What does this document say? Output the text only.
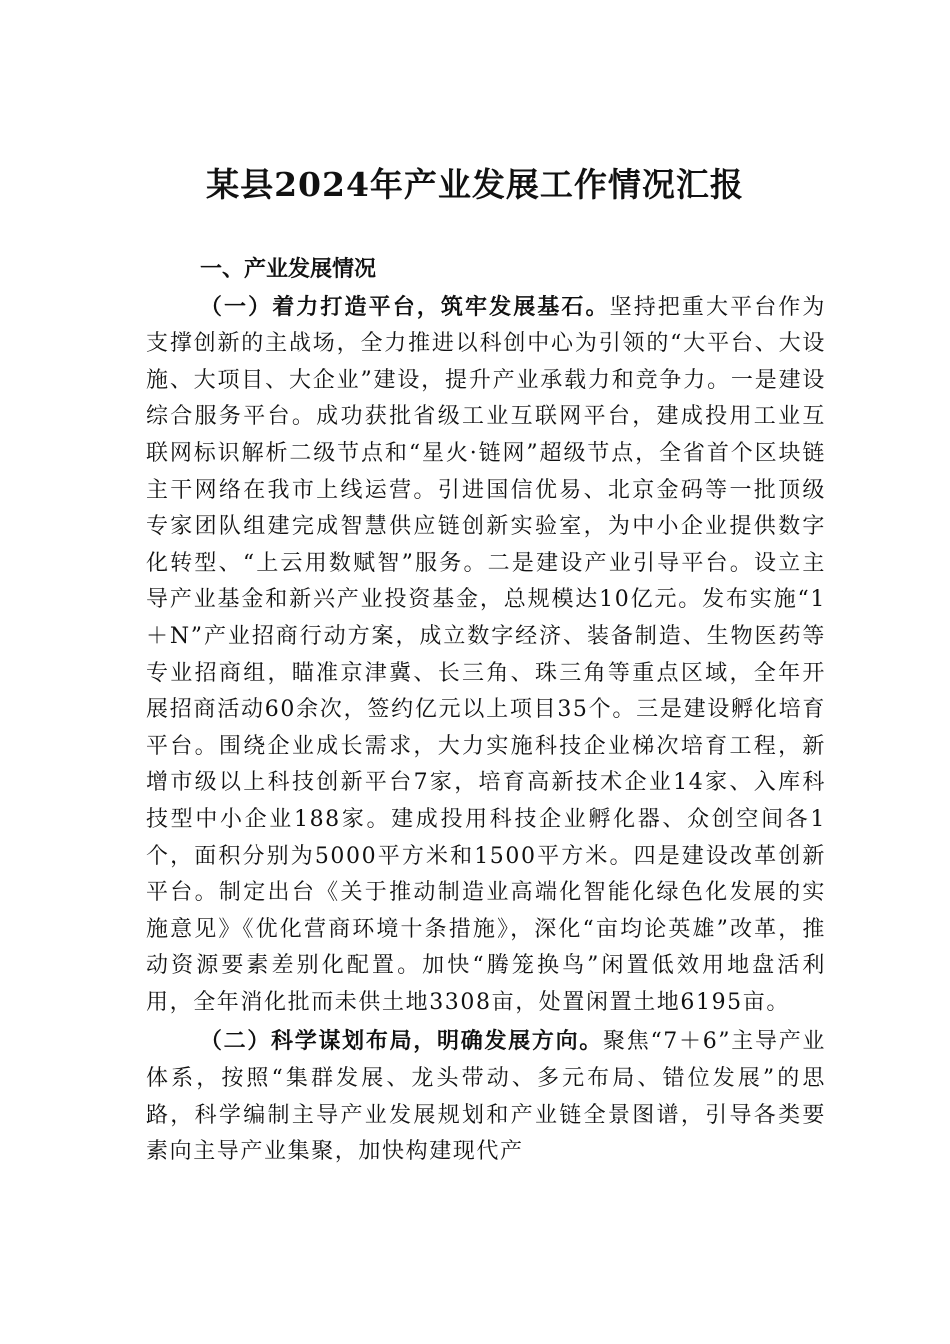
某县2024年产业发展工作情况汇报

一、产业发展情况

（一）着力打造平台，筑牢发展基石。坚持把重大平台作为支撑创新的主战场，全力推进以科创中心为引领的“大平台、大设施、大项目、大企业”建设，提升产业承载力和竞争力。一是建设综合服务平台。成功获批省级工业互联网平台，建成投用工业互联网标识解析二级节点和“星火·链网”超级节点，全省首个区块链主干网络在我市上线运营。引进国信优易、北京金码等一批顶级专家团队组建完成智慧供应链创新实验室，为中小企业提供数字化转型、“上云用数赋智”服务。二是建设产业引导平台。设立主导产业基金和新兴产业投资基金，总规模达10亿元。发布实施“1＋N”产业招商行动方案，成立数字经济、装备制造、生物医药等专业招商组，瞄准京津冀、长三角、珠三角等重点区域，全年开展招商活动60余次，签约亿元以上项目35个。三是建设孵化培育平台。围绕企业成长需求，大力实施科技企业梯次培育工程，新增市级以上科技创新平台7家，培育高新技术企业14家、入库科技型中小企业188家。建成投用科技企业孵化器、众创空间各1个，面积分别为5000平方米和1500平方米。四是建设改革创新平台。制定出台《关于推动制造业高端化智能化绿色化发展的实施意见》《优化营商环境十条措施》，深化“亩均论英雄”改革，推动资源要素差别化配置。加快“腾笼换鸟”闲置低效用地盘活利用，全年消化批而未供土地3308亩，处置闲置土地6195亩。

（二）科学谋划布局，明确发展方向。聚焦“7＋6”主导产业体系，按照“集群发展、龙头带动、多元布局、错位发展”的思路，科学编制主导产业发展规划和产业链全景图谱，引导各类要素向主导产业集聚，加快构建现代产
